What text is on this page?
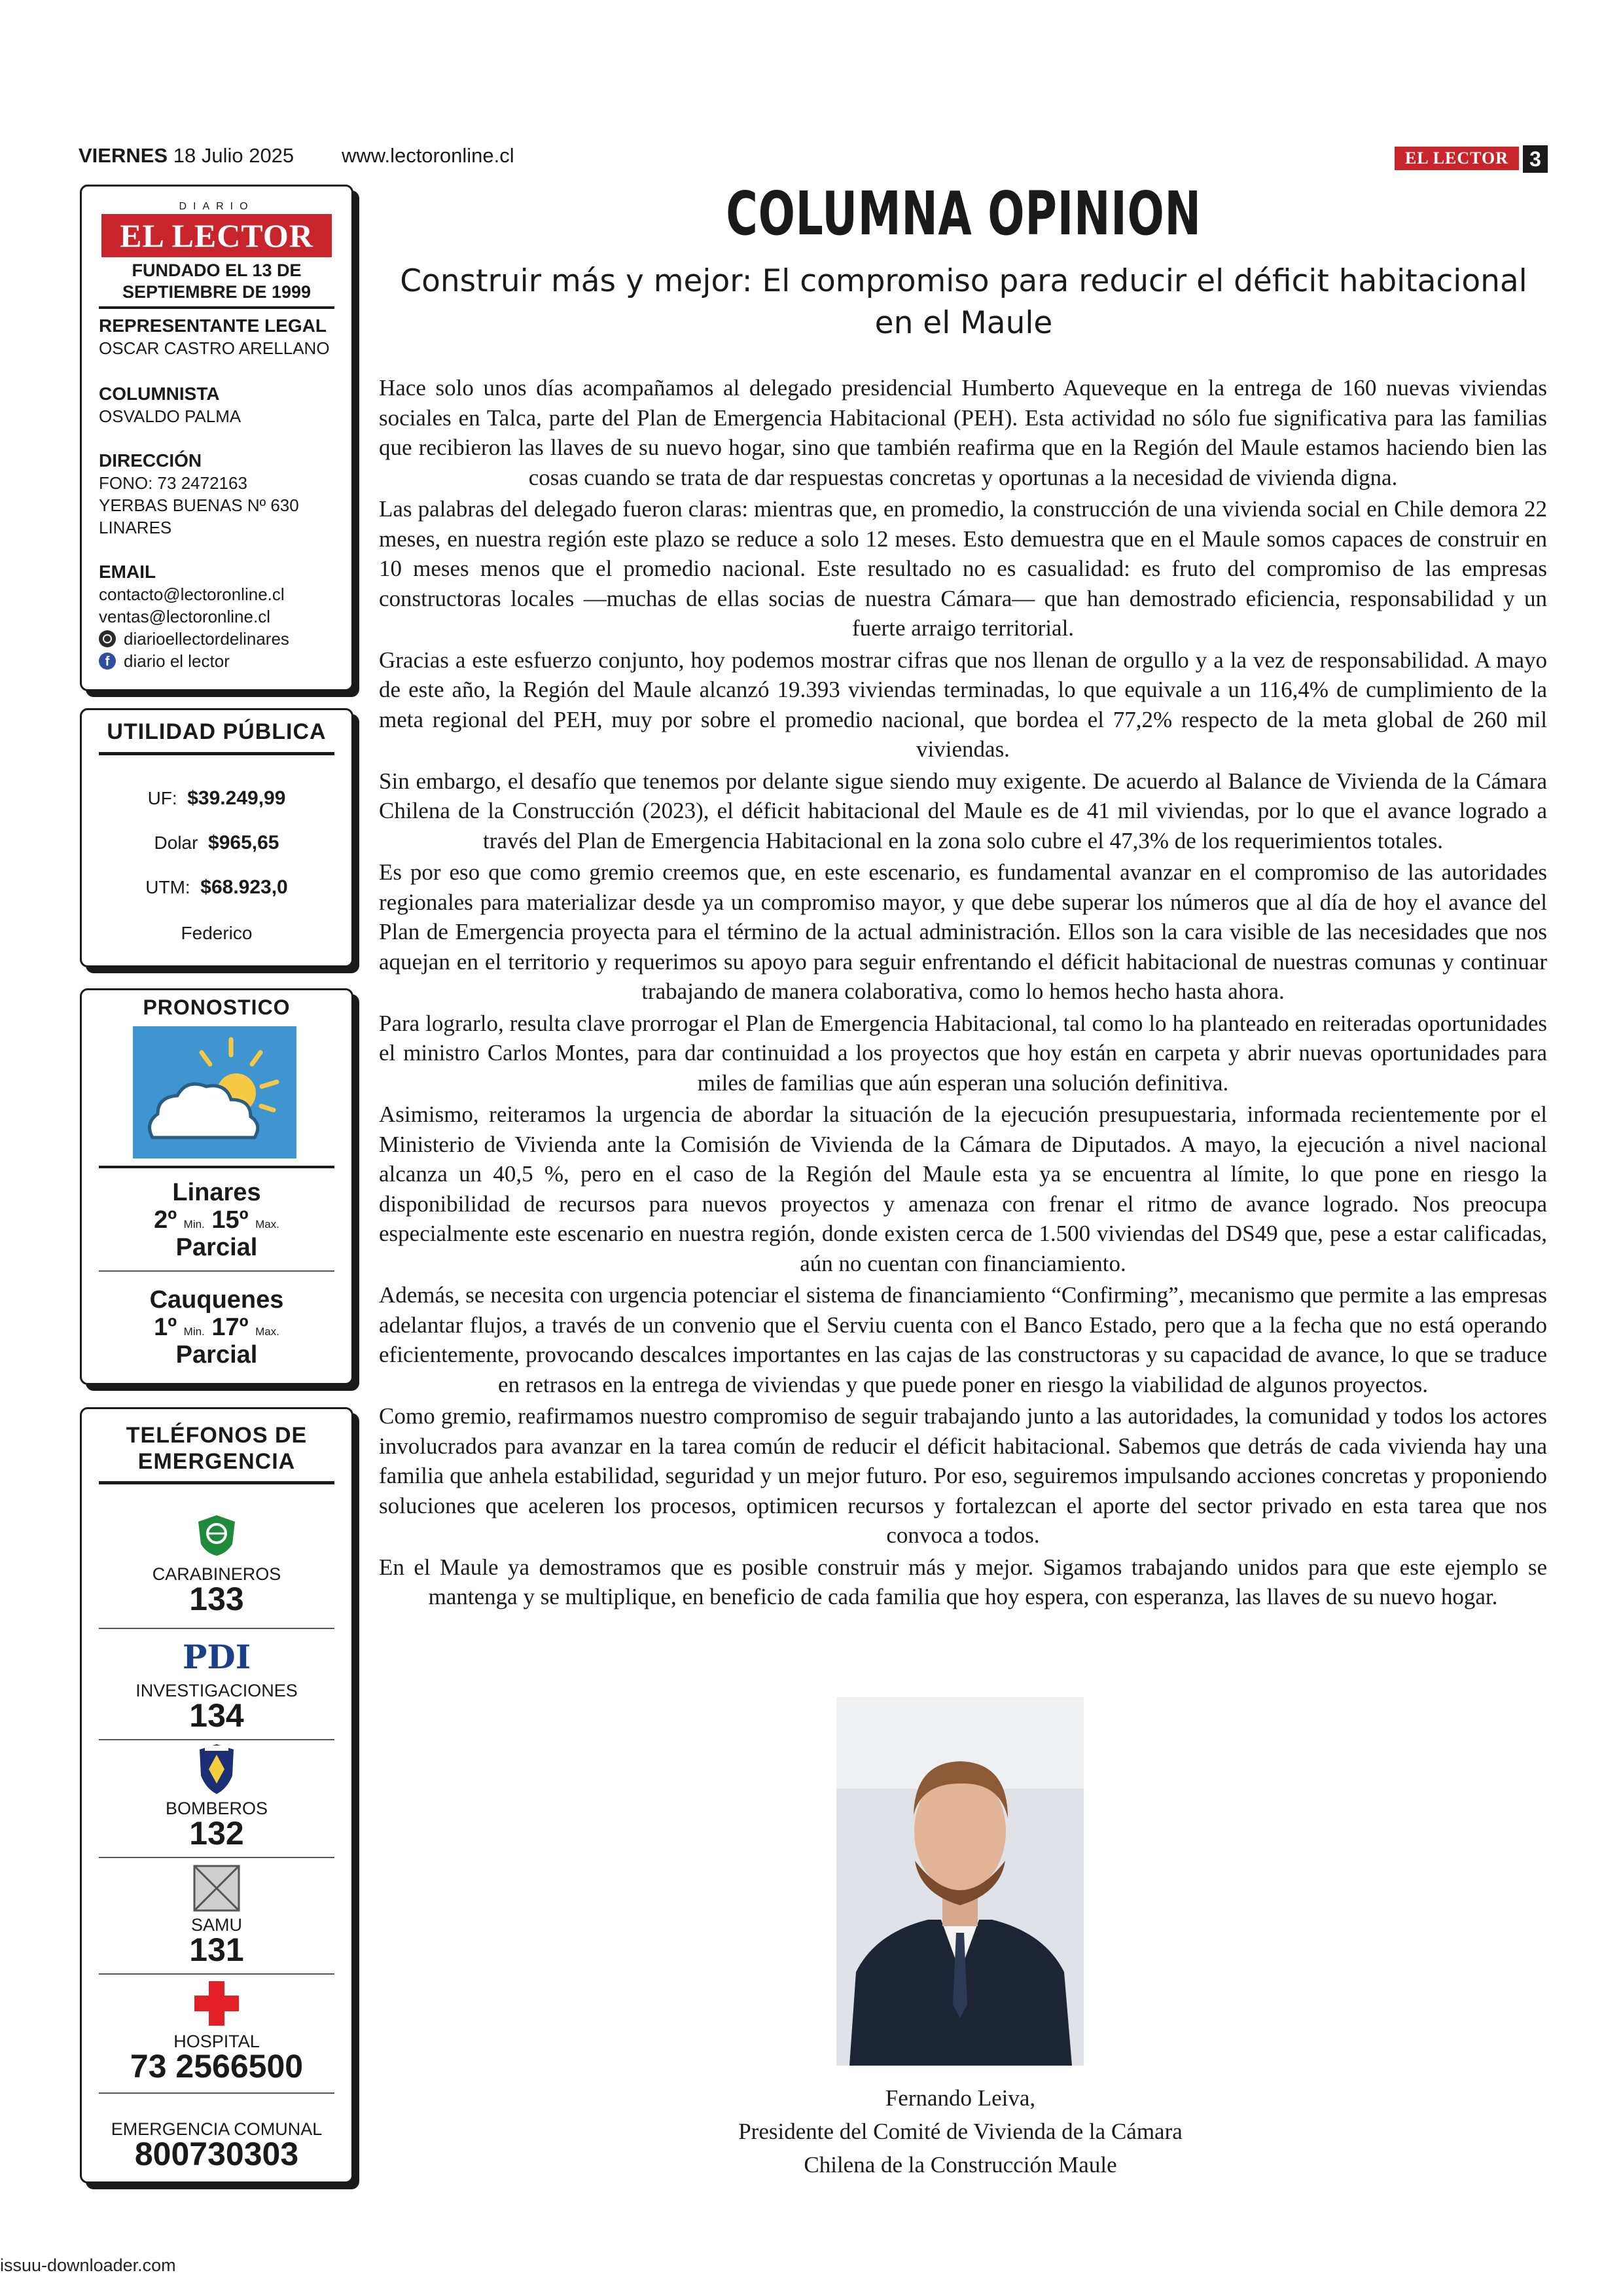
VIERNES 18 Julio 2025 www.lectoronline.cl	EL LECTOR	3
DIARIO
EL LECTOR
FUNDADO EL 13 DE
SEPTIEMBRE DE 1999
REPRESENTANTE LEGAL
OSCAR CASTRO ARELLANO
COLUMNISTA
OSVALDO PALMA
DIRECCIÓN
FONO: 73 2472163
YERBAS BUENAS Nº 630
LINARES
EMAIL
contacto@lectoronline.cl
ventas@lectoronline.cl
diarioellectordelinares
f diario el lector
UTILIDAD PÚBLICA
UF: $39.249,99
Dolar $965,65
UTM: $68.923,0
Federico
PRONOSTICO
Linares
2º Min. 15º Max.
Parcial
Cauquenes
1º Min. 17º Max.
Parcial
TELÉFONOS DE
EMERGENCIA
CARABINEROS
133
PDI
INVESTIGACIONES
134
BOMBEROS
132
SAMU
131
HOSPITAL
73 2566500
EMERGENCIA COMUNAL
800730303
COLUMNA OPINION
Construir más y mejor: El compromiso para reducir el déficit habitacional
en el Maule

Hace solo unos días acompañamos al delegado presidencial Humberto Aqueveque en la entrega de 160 nuevas viviendas sociales en Talca, parte del Plan de Emergencia Habitacional (PEH). Esta actividad no sólo fue significativa para las familias que recibieron las llaves de su nuevo hogar, sino que también reafirma que en la Región del Maule estamos haciendo bien las cosas cuando se trata de dar respuestas concretas y oportunas a la necesidad de vivienda digna.

Las palabras del delegado fueron claras: mientras que, en promedio, la construcción de una vivienda social en Chile demora 22 meses, en nuestra región este plazo se reduce a solo 12 meses. Esto demuestra que en el Maule somos capaces de construir en 10 meses menos que el promedio nacional. Este resultado no es casualidad: es fruto del compromiso de las empresas constructoras locales —muchas de ellas socias de nuestra Cámara— que han demostrado eficiencia, responsabilidad y un fuerte arraigo territorial.

Gracias a este esfuerzo conjunto, hoy podemos mostrar cifras que nos llenan de orgullo y a la vez de responsabilidad. A mayo de este año, la Región del Maule alcanzó 19.393 viviendas terminadas, lo que equivale a un 116,4% de cumplimiento de la meta regional del PEH, muy por sobre el promedio nacional, que bordea el 77,2% respecto de la meta global de 260 mil viviendas.

Sin embargo, el desafío que tenemos por delante sigue siendo muy exigente. De acuerdo al Balance de Vivienda de la Cámara Chilena de la Construcción (2023), el déficit habitacional del Maule es de 41 mil viviendas, por lo que el avance logrado a través del Plan de Emergencia Habitacional en la zona solo cubre el 47,3% de los requerimientos totales.

Es por eso que como gremio creemos que, en este escenario, es fundamental avanzar en el compromiso de las autoridades regionales para materializar desde ya un compromiso mayor, y que debe superar los números que al día de hoy el avance del Plan de Emergencia proyecta para el término de la actual administración. Ellos son la cara visible de las necesidades que nos aquejan en el territorio y requerimos su apoyo para seguir enfrentando el déficit habitacional de nuestras comunas y continuar trabajando de manera colaborativa, como lo hemos hecho hasta ahora.

Para lograrlo, resulta clave prorrogar el Plan de Emergencia Habitacional, tal como lo ha planteado en reiteradas oportunidades el ministro Carlos Montes, para dar continuidad a los proyectos que hoy están en carpeta y abrir nuevas oportunidades para miles de familias que aún esperan una solución definitiva.

Asimismo, reiteramos la urgencia de abordar la situación de la ejecución presupuestaria, informada recientemente por el Ministerio de Vivienda ante la Comisión de Vivienda de la Cámara de Diputados. A mayo, la ejecución a nivel nacional alcanza un 40,5 %, pero en el caso de la Región del Maule esta ya se encuentra al límite, lo que pone en riesgo la disponibilidad de recursos para nuevos proyectos y amenaza con frenar el ritmo de avance logrado. Nos preocupa especialmente este escenario en nuestra región, donde existen cerca de 1.500 viviendas del DS49 que, pese a estar calificadas, aún no cuentan con financiamiento.

Además, se necesita con urgencia potenciar el sistema de financiamiento “Confirming”, mecanismo que permite a las empresas adelantar flujos, a través de un convenio que el Serviu cuenta con el Banco Estado, pero que a la fecha que no está operando eficientemente, provocando descalces importantes en las cajas de las constructoras y su capacidad de avance, lo que se traduce en retrasos en la entrega de viviendas y que puede poner en riesgo la viabilidad de algunos proyectos.

Como gremio, reafirmamos nuestro compromiso de seguir trabajando junto a las autoridades, la comunidad y todos los actores involucrados para avanzar en la tarea común de reducir el déficit habitacional. Sabemos que detrás de cada vivienda hay una familia que anhela estabilidad, seguridad y un mejor futuro. Por eso, seguiremos impulsando acciones concretas y proponiendo soluciones que aceleren los procesos, optimicen recursos y fortalezcan el aporte del sector privado en esta tarea que nos convoca a todos.

En el Maule ya demostramos que es posible construir más y mejor. Sigamos trabajando unidos para que este ejemplo se mantenga y se multiplique, en beneficio de cada familia que hoy espera, con esperanza, las llaves de su nuevo hogar.

Fernando Leiva,
Presidente del Comité de Vivienda de la Cámara
Chilena de la Construcción Maule
issuu-downloader.com
